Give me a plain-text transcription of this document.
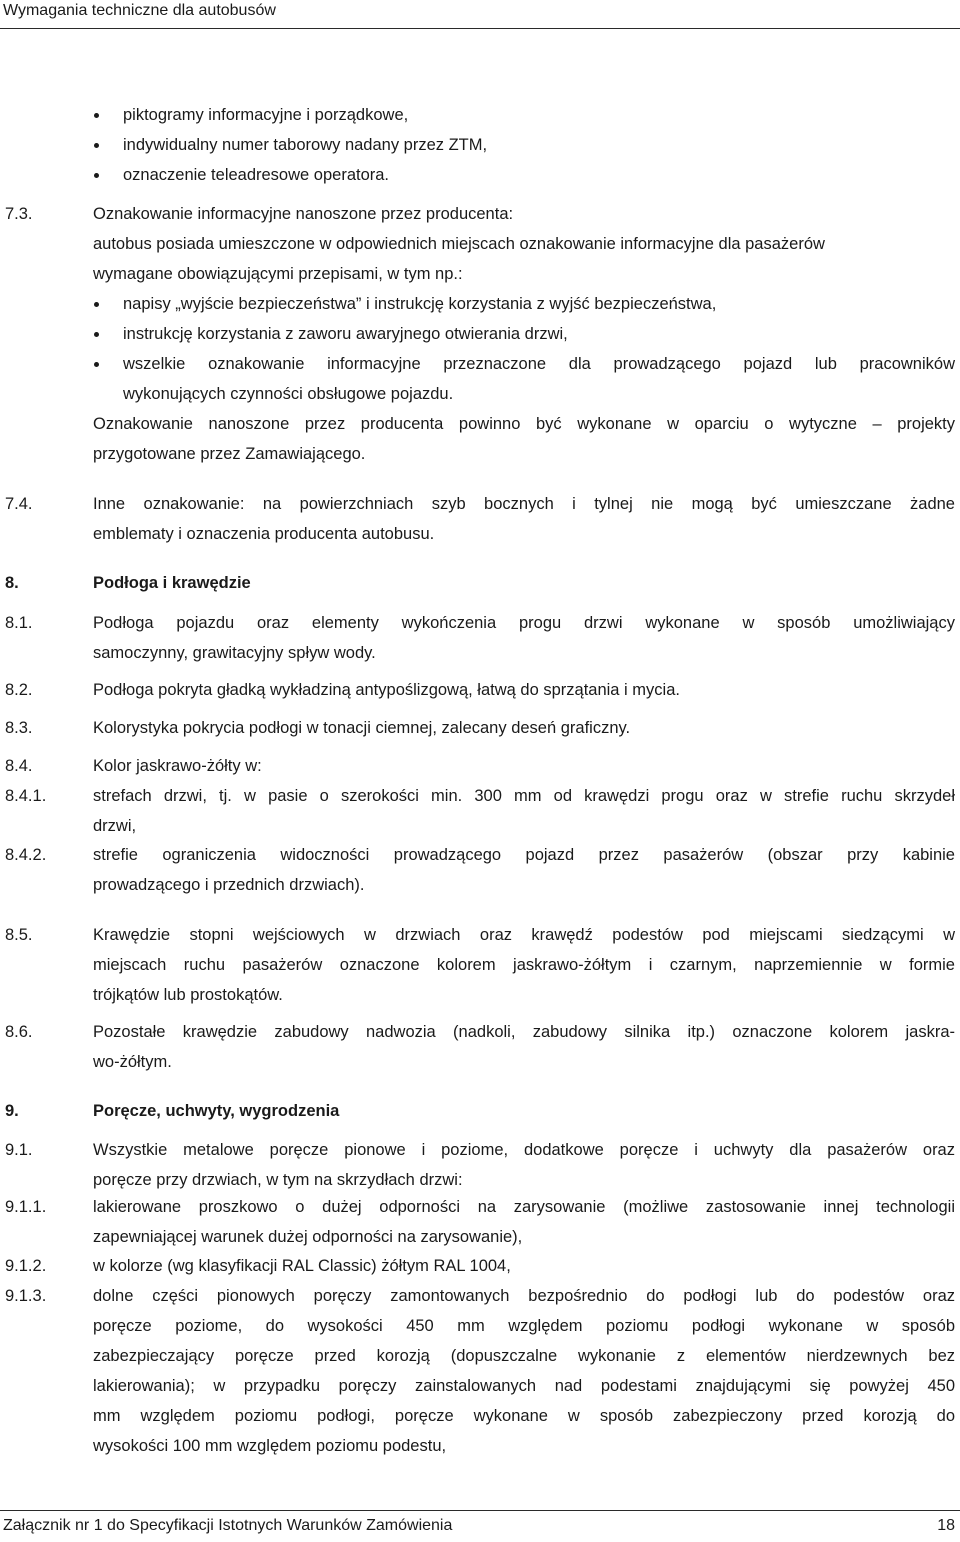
Wymagania techniczne dla autobusów
piktogramy informacyjne i porządkowe,
indywidualny numer taborowy nadany przez ZTM,
oznaczenie teleadresowe operatora.
7.3.	Oznakowanie informacyjne nanoszone przez producenta:
autobus posiada umieszczone w odpowiednich miejscach oznakowanie informacyjne dla pasażerów
wymagane obowiązującymi przepisami, w tym np.:
napisy „wyjście bezpieczeństwa” i instrukcję korzystania z wyjść bezpieczeństwa,
instrukcję korzystania z zaworu awaryjnego otwierania drzwi,
wszelkie oznakowanie informacyjne przeznaczone dla prowadzącego pojazd lub pracowników
wykonujących czynności obsługowe pojazdu.
Oznakowanie nanoszone przez producenta powinno być wykonane w oparciu o wytyczne – projekty
przygotowane przez Zamawiającego.
7.4.	Inne oznakowanie: na powierzchniach szyb bocznych i tylnej nie mogą być umieszczane żadne
emblematy i oznaczenia producenta autobusu.
8.	Podłoga i krawędzie
8.1.	Podłoga pojazdu oraz elementy wykończenia progu drzwi wykonane w sposób umożliwiający
samoczynny, grawitacyjny spływ wody.
8.2.	Podłoga pokryta gładką wykładziną antypoślizgową, łatwą do sprzątania i mycia.
8.3.	Kolorystyka pokrycia podłogi w tonacji ciemnej, zalecany deseń graficzny.
8.4.	Kolor jaskrawo-żółty w:
8.4.1.	strefach drzwi, tj. w pasie o szerokości min. 300 mm od krawędzi progu oraz w strefie ruchu skrzydeł
drzwi,
8.4.2.	strefie ograniczenia widoczności prowadzącego pojazd przez pasażerów (obszar przy kabinie
prowadzącego i przednich drzwiach).
8.5.	Krawędzie stopni wejściowych w drzwiach oraz krawędź podestów pod miejscami siedzącymi w
miejscach ruchu pasażerów oznaczone kolorem jaskrawo-żółtym i czarnym, naprzemiennie w formie
trójkątów lub prostokątów.
8.6.	Pozostałe krawędzie zabudowy nadwozia (nadkoli, zabudowy silnika itp.) oznaczone kolorem jaskra-
wo-żółtym.
9.	Poręcze, uchwyty, wygrodzenia
9.1.	Wszystkie metalowe poręcze pionowe i poziome, dodatkowe poręcze i uchwyty dla pasażerów oraz
poręcze przy drzwiach, w tym na skrzydłach drzwi:
9.1.1.	lakierowane proszkowo o dużej odporności na zarysowanie (możliwe zastosowanie innej technologii
zapewniającej warunek dużej odporności na zarysowanie),
9.1.2.	w kolorze (wg klasyfikacji RAL Classic) żółtym RAL 1004,
9.1.3.	dolne części pionowych poręczy zamontowanych bezpośrednio do podłogi lub do podestów oraz
poręcze poziome, do wysokości 450 mm względem poziomu podłogi wykonane w sposób
zabezpieczający poręcze przed korozją (dopuszczalne wykonanie z elementów nierdzewnych bez
lakierowania); w przypadku poręczy zainstalowanych nad podestami znajdującymi się powyżej 450
mm względem poziomu podłogi, poręcze wykonane w sposób zabezpieczony przed korozją do
wysokości 100 mm względem poziomu podestu,
Załącznik nr 1 do Specyfikacji Istotnych Warunków Zamówienia	18
